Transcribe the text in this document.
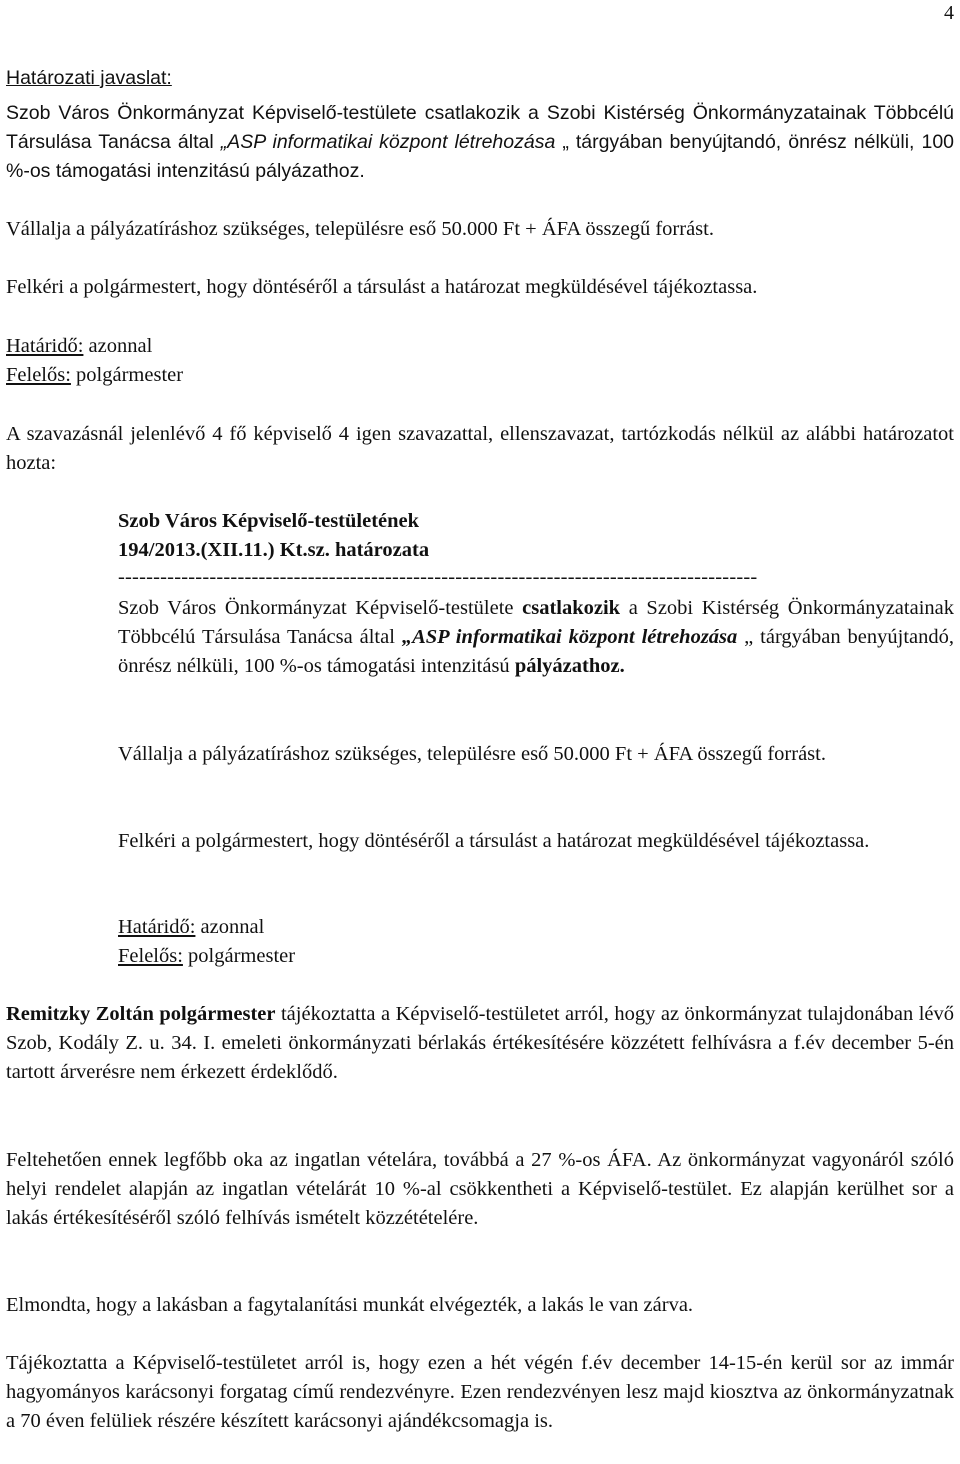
4
Határozati javaslat:
Szob Város Önkormányzat Képviselő-testülete csatlakozik a Szobi Kistérség Önkormányzatainak Többcélú Társulása Tanácsa által „ASP informatikai központ létrehozása „ tárgyában benyújtandó, önrész nélküli, 100 %-os támogatási intenzitású pályázathoz.
Vállalja a pályázatíráshoz szükséges, településre eső 50.000 Ft + ÁFA összegű forrást.
Felkéri a polgármestert, hogy döntéséről a társulást a határozat megküldésével tájékoztassa.
Határidő: azonnal
Felelős: polgármester
A szavazásnál jelenlévő 4 fő képviselő 4 igen szavazattal, ellenszavazat, tartózkodás nélkül az alábbi határozatot hozta:
Szob Város Képviselő-testületének
194/2013.(XII.11.) Kt.sz. határozata
-------------------------------------------------------------------------------------------
Szob Város Önkormányzat Képviselő-testülete csatlakozik a Szobi Kistérség Önkormányzatainak Többcélú Társulása Tanácsa által „ASP informatikai központ létrehozása „ tárgyában benyújtandó, önrész nélküli, 100 %-os támogatási intenzitású pályázathoz.
Vállalja a pályázatíráshoz szükséges, településre eső 50.000 Ft + ÁFA összegű forrást.
Felkéri a polgármestert, hogy döntéséről a társulást a határozat megküldésével tájékoztassa.
Határidő: azonnal
Felelős: polgármester
Remitzky Zoltán polgármester tájékoztatta a Képviselő-testületet arról, hogy az önkormányzat tulajdonában lévő Szob, Kodály Z. u. 34. I. emeleti önkormányzati bérlakás értékesítésére közzétett felhívásra a f.év december 5-én tartott árverésre nem érkezett érdeklődő.
Feltehetően ennek legfőbb oka az ingatlan vételára, továbbá a 27 %-os ÁFA. Az önkormányzat vagyonáról szóló helyi rendelet alapján az ingatlan vételárát 10 %-al csökkentheti a Képviselő-testület. Ez alapján kerülhet sor a lakás értékesítéséről szóló felhívás ismételt közzétételére.
Elmondta, hogy a lakásban a fagytalanítási munkát elvégezték, a lakás le van zárva.
Tájékoztatta a Képviselő-testületet arról is, hogy ezen a hét végén f.év december 14-15-én kerül sor az immár hagyományos karácsonyi forgatag című rendezvényre. Ezen rendezvényen lesz majd kiosztva az önkormányzatnak a 70 éven felüliek részére készített karácsonyi ajándékcsomagja is.
